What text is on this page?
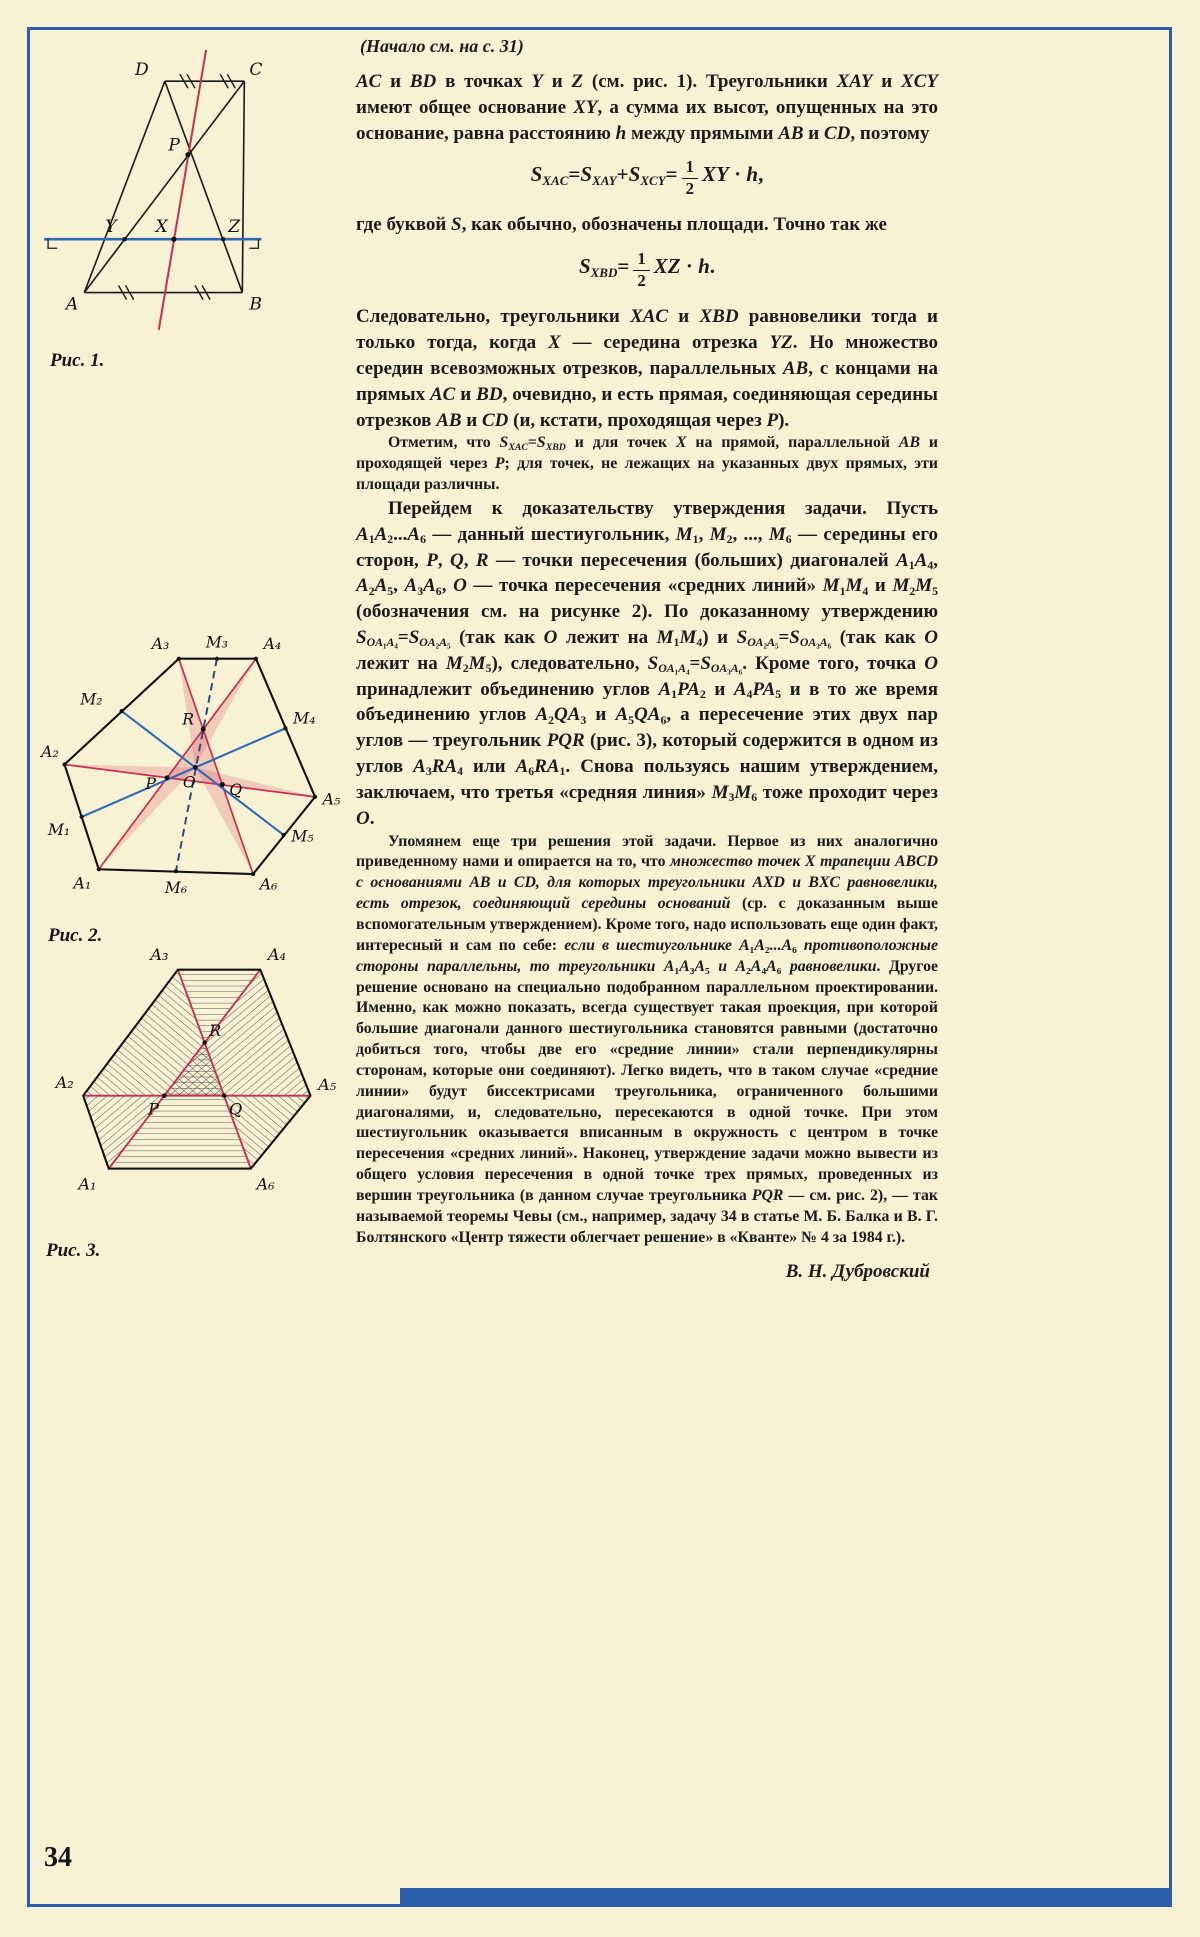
34
D	C
A	B
P
Y X	Z
Рис. 1.
A₃ M₃ A₄
M₂
M₄
A₂
A₅
M₁	M₅
A₁	M₆	A₆
R
P O Q
Рис. 2.
A₃	A₄
A₂	A₅
A₁	A₆
R
P	Q
Рис. 3.
(Начало см. на с. 31)

AC и BD в точках Y и Z (см. рис. 1). Треугольники XAY и XCY имеют общее основание XY, а сумма их высот, опущенных на это основание, равна расстоянию h между прямыми AB и CD, поэтому

$S_{XAC}=S_{XAY}+S_{XCY}= \frac{1}{2}$ XY · h,

где буквой S, как обычно, обозначены площади. Точно так же

$S_{XBD}= \frac{1}{2}$ XZ · h.

Следовательно, треугольники XAC и XBD равновелики тогда и только тогда, когда X — середина отрезка YZ. Но множество середин всевозможных отрезков, параллельных AB, с концами на прямых AC и BD, очевидно, и есть прямая, соединяющая середины отрезков AB и CD (и, кстати, проходящая через P).

Отметим, что $S_{XAC}=S_{XBD}$ и для точек X на прямой, параллельной AB и проходящей через P; для точек, не лежащих на указанных двух прямых, эти площади различны.

Перейдем к доказательству утверждения задачи. Пусть $A_1A_2...A_6$ — данный шестиугольник, $M_1$, $M_2$, ..., $M_6$ — середины его сторон, P, Q, R — точки пересечения (больших) диагоналей $A_1A_4$, $A_2A_5$, $A_3A_6$, O — точка пересечения «средних линий» $M_1M_4$ и $M_2M_5$ (обозначения см. на рисунке 2). По доказанному утверждению $S_{OA_1A_4}=S_{OA_2A_5}$ (так как O лежит на $M_1M_4$) и $S_{OA_2A_5}=S_{OA_3A_6}$ (так как O лежит на $M_2M_5$), следовательно, $S_{OA_1A_4}=S_{OA_3A_6}$. Кроме того, точка O принадлежит объединению углов $A_1PA_2$ и $A_4PA_5$ и в то же время объединению углов $A_2QA_3$ и $A_5QA_6$, а пересечение этих двух пар углов — треугольник PQR (рис. 3), который содержится в одном из углов $A_3RA_4$ или $A_6RA_1$. Снова пользуясь нашим утверждением, заключаем, что третья «средняя линия» $M_3M_6$ тоже проходит через O.

Упомянем еще три решения этой задачи. Первое из них аналогично приведенному нами и опирается на то, что множество точек X трапеции ABCD с основаниями AB и CD, для которых треугольники AXD и BXC равновелики, есть отрезок, соединяющий середины оснований (ср. с доказанным выше вспомогательным утверждением). Кроме того, надо использовать еще один факт, интересный и сам по себе: если в шестиугольнике A₁A₂...A₆ противоположные стороны параллельны, то треугольники A₁A₃A₅ и A₂A₄A₆ равновелики. Другое решение основано на специально подобранном параллельном проектировании. Именно, как можно показать, всегда существует такая проекция, при которой большие диагонали данного шестиугольника становятся равными (достаточно добиться того, чтобы две его «средние линии» стали перпендикулярны сторонам, которые они соединяют). Легко видеть, что в таком случае «средние линии» будут биссектрисами треугольника, ограниченного большими диагоналями, и, следовательно, пересекаются в одной точке. При этом шестиугольник оказывается вписанным в окружность с центром в точке пересечения «средних линий». Наконец, утверждение задачи можно вывести из общего условия пересечения в одной точке трех прямых, проведенных из вершин треугольника (в данном случае треугольника PQR — см. рис. 2), — так называемой теоремы Чевы (см., например, задачу 34 в статье М. Б. Балка и В. Г. Болтянского «Центр тяжести облегчает решение» в «Кванте» № 4 за 1984 г.).

В. Н. Дубровский
